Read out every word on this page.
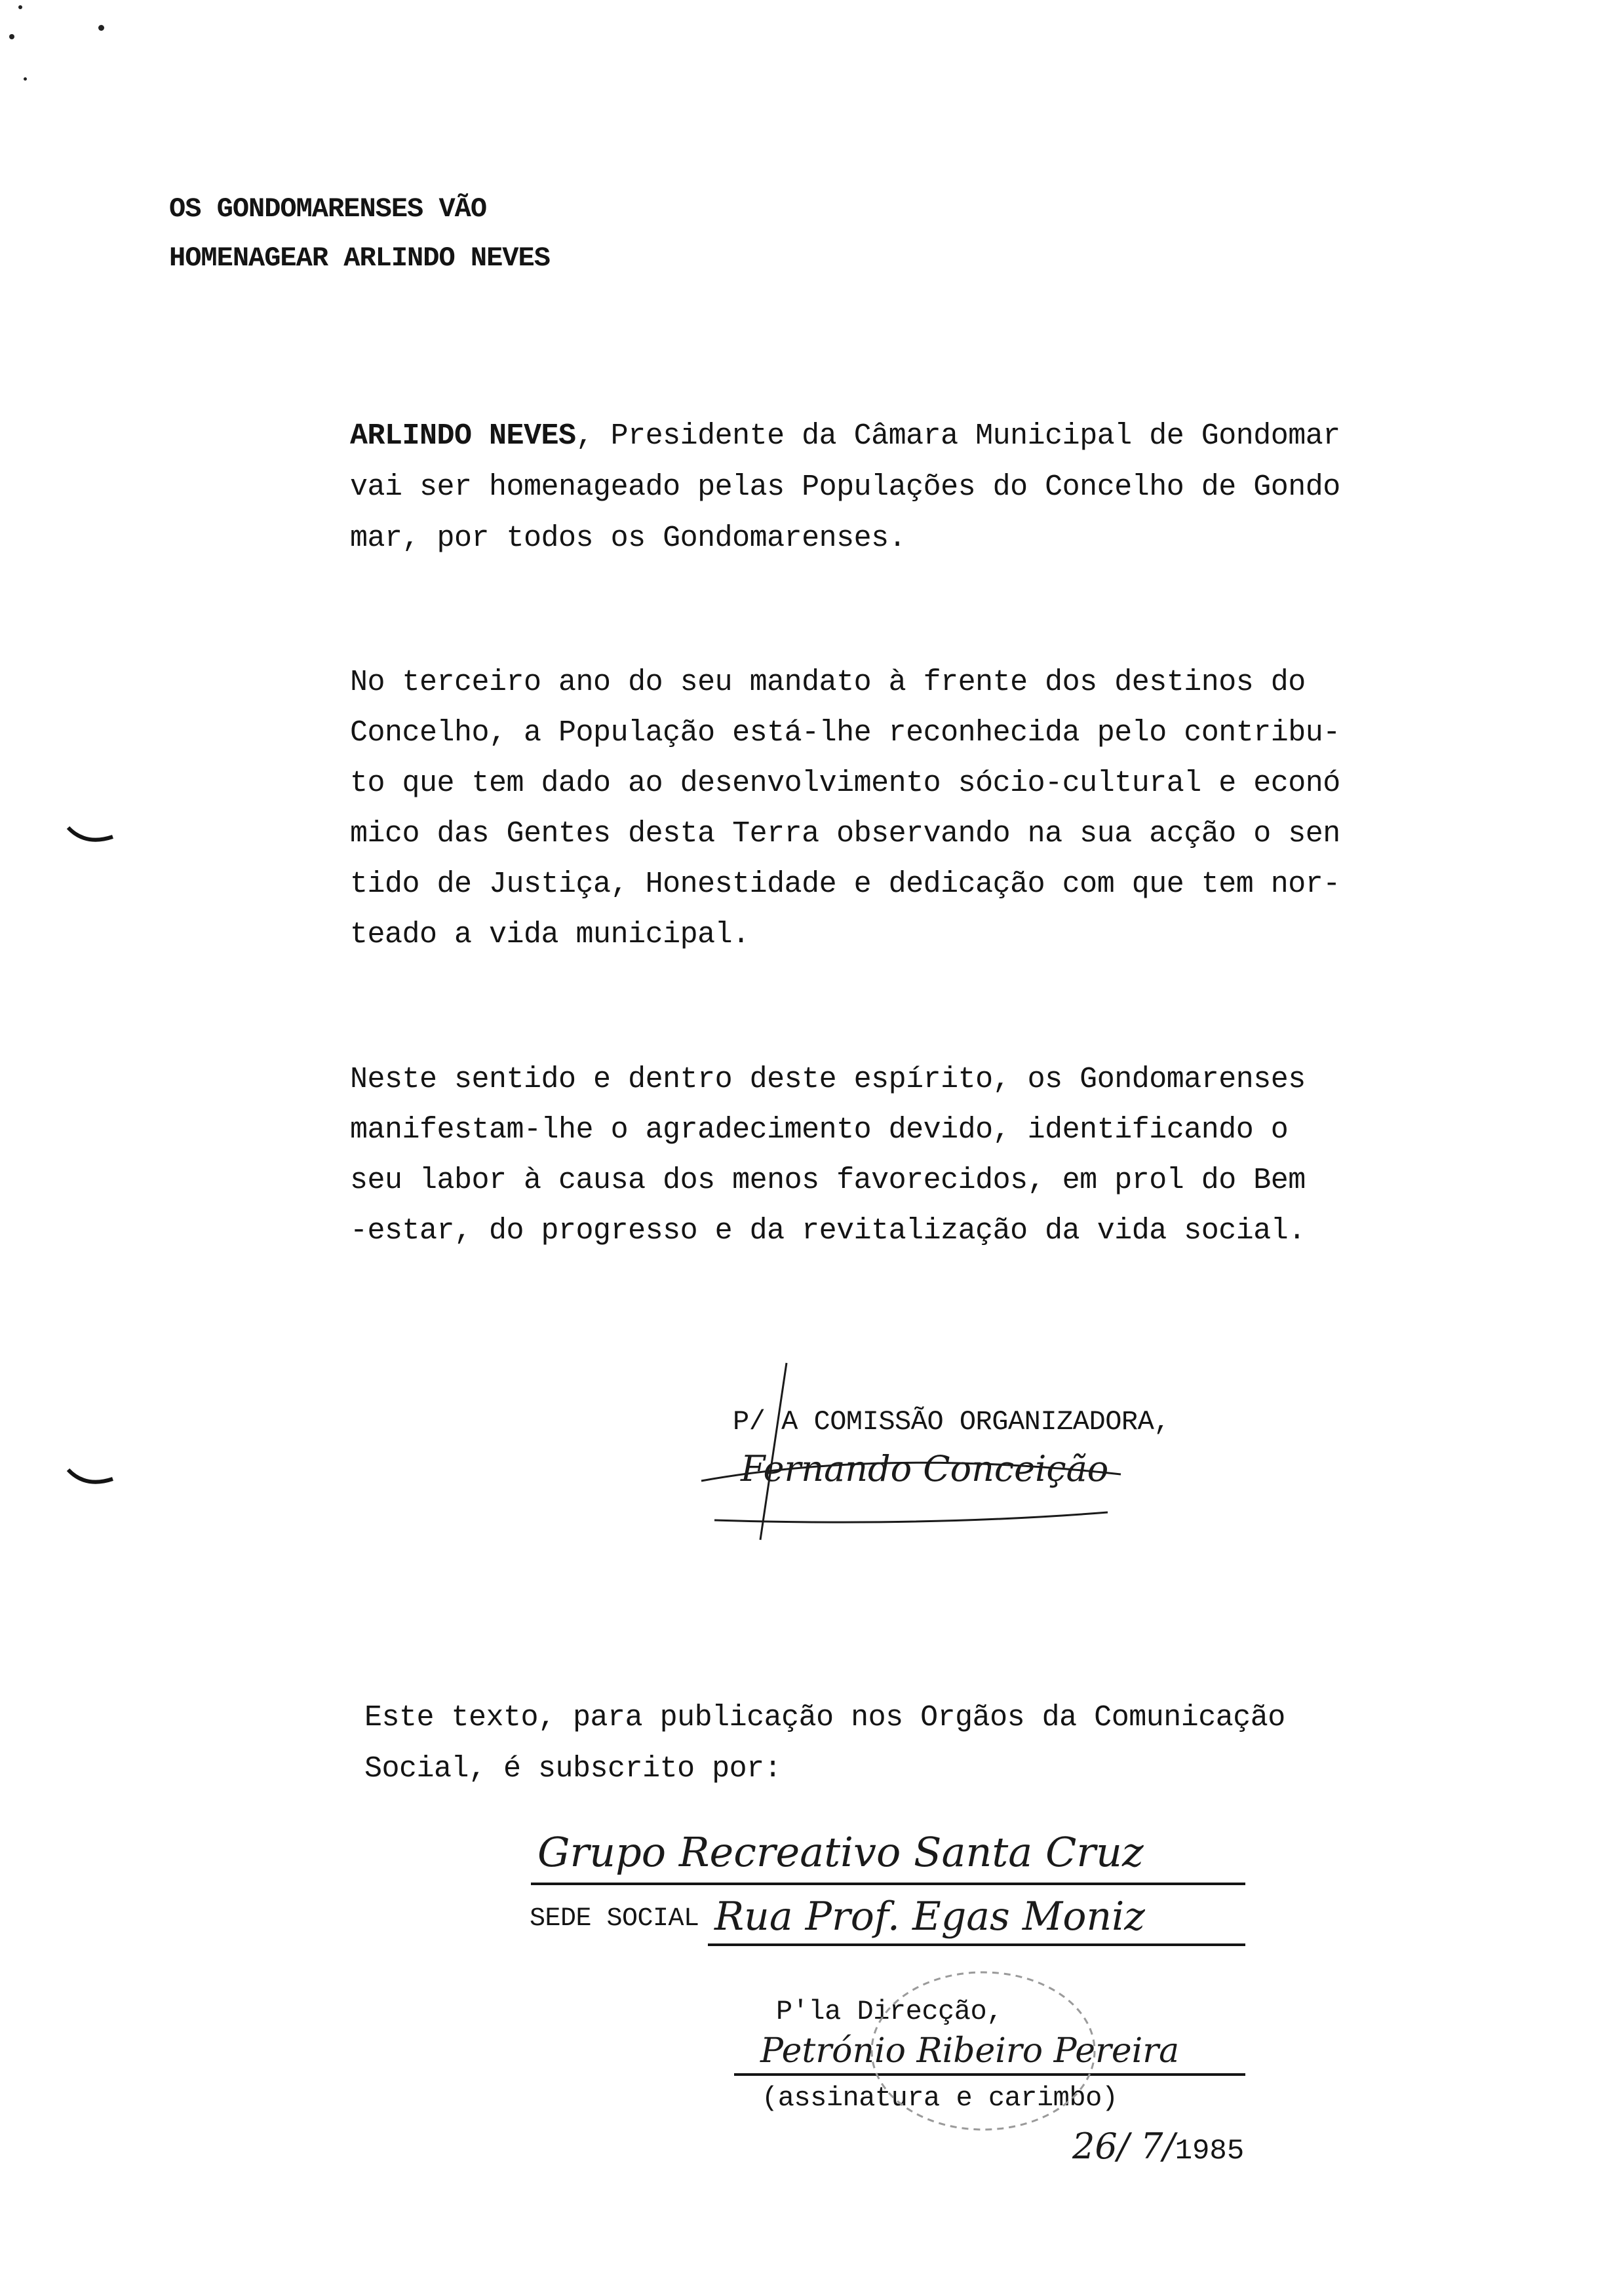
OS GONDOMARENSES VÃO
HOMENAGEAR ARLINDO NEVES
ARLINDO NEVES, Presidente da Câmara Municipal de Gondomar
vai ser homenageado pelas Populações do Concelho de Gondo
mar, por todos os Gondomarenses.
No terceiro ano do seu mandato à frente dos destinos do
Concelho, a População está-lhe reconhecida pelo contribu-
to que tem dado ao desenvolvimento sócio-cultural e econó
mico das Gentes desta Terra observando na sua acção o sen
tido de Justiça, Honestidade e dedicação com que tem nor-
teado a vida municipal.
Neste sentido e dentro deste espírito, os Gondomarenses
manifestam-lhe o agradecimento devido, identificando o
seu labor à causa dos menos favorecidos, em prol do Bem
-estar, do progresso e da revitalização da vida social.
P/ A COMISSÃO ORGANIZADORA,
Fernando Conceição
Este texto, para publicação nos Orgãos da Comunicação
Social, é subscrito por:
Grupo Recreativo Santa Cruz
SEDE SOCIAL Rua Prof. Egas Moniz
P'la Direcção,
Petrónio Ribeiro Pereira
(assinatura e carimbo)
26/ 7/1985
